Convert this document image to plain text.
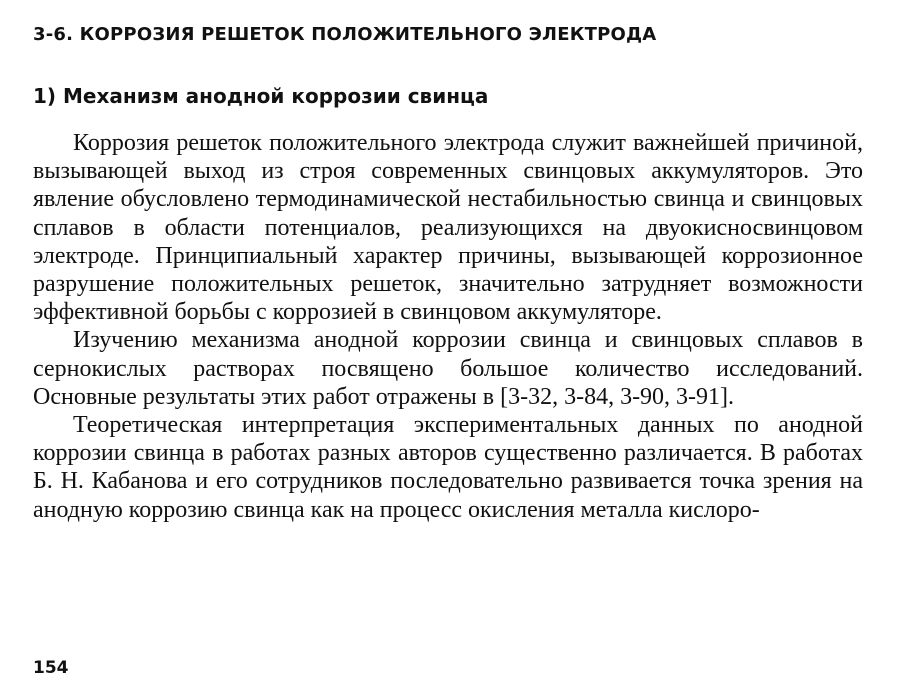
3-6. КОРРОЗИЯ РЕШЕТОК ПОЛОЖИТЕЛЬНОГО ЭЛЕКТРОДА
1) Механизм анодной коррозии свинца

Коррозия решеток положительного электрода служит важнейшей причиной, вызывающей выход из строя современных свинцовых аккумуляторов. Это явление обусловлено термодинамической нестабильностью свинца и свинцовых сплавов в области потенциалов, реализующихся на двуокисносвинцовом электроде. Принципиальный характер причины, вызывающей коррозионное разрушение положительных решеток, значительно затрудняет возможности эффективной борьбы с коррозией в свинцовом аккумуляторе.

Изучению механизма анодной коррозии свинца и свинцовых сплавов в сернокислых растворах посвящено большое количество исследований. Основные результаты этих работ отражены в [3-32, 3-84, 3-90, 3-91].

Теоретическая интерпретация экспериментальных данных по анодной коррозии свинца в работах разных авторов существенно различается. В работах Б. Н. Кабанова и его сотрудников последовательно развивается точка зрения на анодную коррозию свинца как на процесс окисления металла кислоро-

154
